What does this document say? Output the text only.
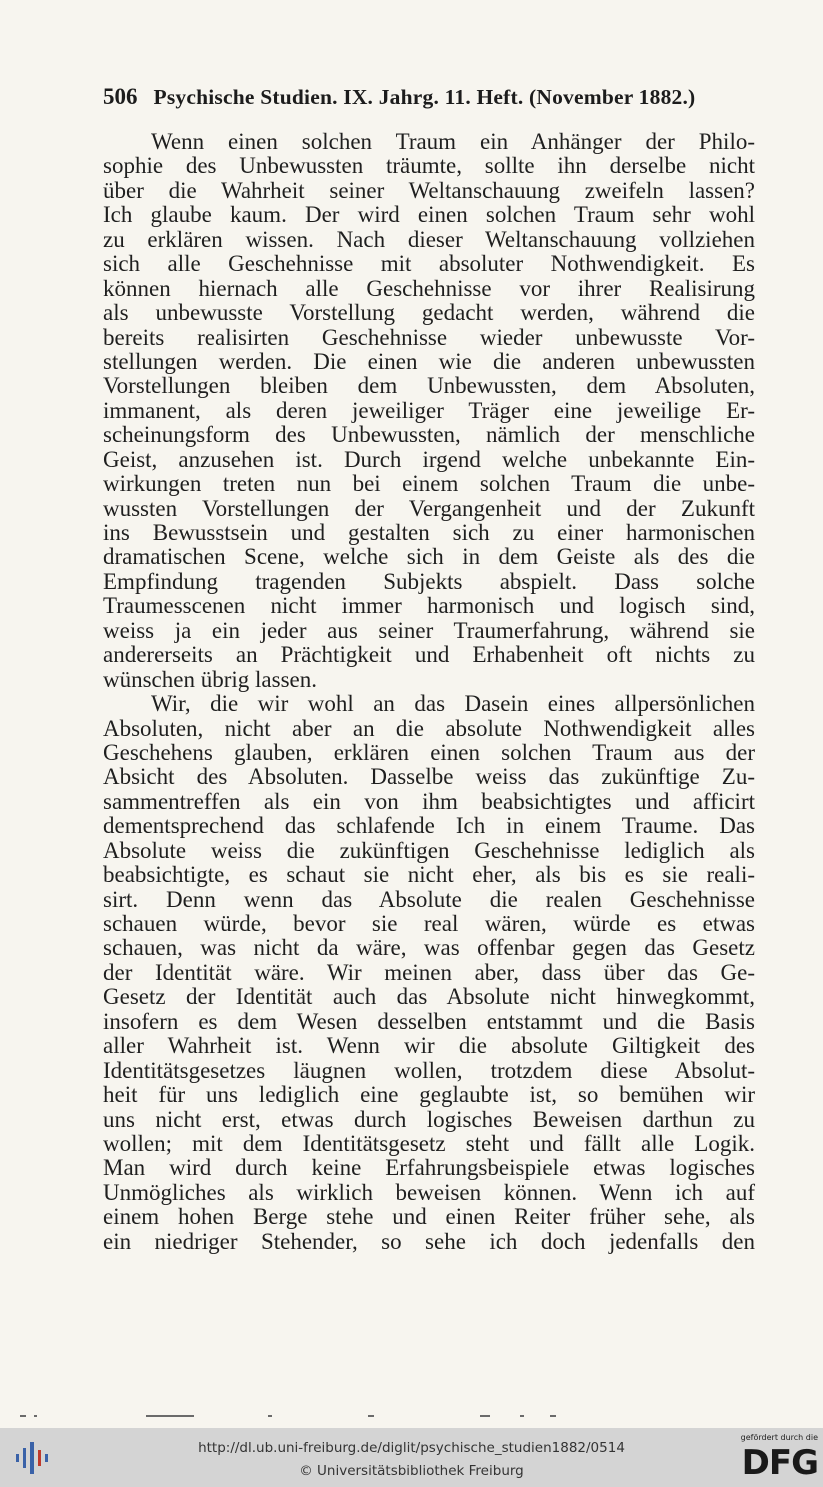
506 Psychische Studien. IX. Jahrg. 11. Heft. (November 1882.)
Wenn einen solchen Traum ein Anhänger der Philo-
sophie des Unbewussten träumte, sollte ihn derselbe nicht
über die Wahrheit seiner Weltanschauung zweifeln lassen?
Ich glaube kaum. Der wird einen solchen Traum sehr wohl
zu erklären wissen. Nach dieser Weltanschauung vollziehen
sich alle Geschehnisse mit absoluter Nothwendigkeit. Es
können hiernach alle Geschehnisse vor ihrer Realisirung
als unbewusste Vorstellung gedacht werden, während die
bereits realisirten Geschehnisse wieder unbewusste Vor-
stellungen werden. Die einen wie die anderen unbewussten
Vorstellungen bleiben dem Unbewussten, dem Absoluten,
immanent, als deren jeweiliger Träger eine jeweilige Er-
scheinungsform des Unbewussten, nämlich der menschliche
Geist, anzusehen ist. Durch irgend welche unbekannte Ein-
wirkungen treten nun bei einem solchen Traum die unbe-
wussten Vorstellungen der Vergangenheit und der Zukunft
ins Bewusstsein und gestalten sich zu einer harmonischen
dramatischen Scene, welche sich in dem Geiste als des die
Empfindung tragenden Subjekts abspielt. Dass solche
Traumesscenen nicht immer harmonisch und logisch sind,
weiss ja ein jeder aus seiner Traumerfahrung, während sie
andererseits an Prächtigkeit und Erhabenheit oft nichts zu
wünschen übrig lassen.
Wir, die wir wohl an das Dasein eines allpersönlichen
Absoluten, nicht aber an die absolute Nothwendigkeit alles
Geschehens glauben, erklären einen solchen Traum aus der
Absicht des Absoluten. Dasselbe weiss das zukünftige Zu-
sammentreffen als ein von ihm beabsichtigtes und afficirt
dementsprechend das schlafende Ich in einem Traume. Das
Absolute weiss die zukünftigen Geschehnisse lediglich als
beabsichtigte, es schaut sie nicht eher, als bis es sie reali-
sirt. Denn wenn das Absolute die realen Geschehnisse
schauen würde, bevor sie real wären, würde es etwas
schauen, was nicht da wäre, was offenbar gegen das Gesetz
der Identität wäre. Wir meinen aber, dass über das Ge-
Gesetz der Identität auch das Absolute nicht hinwegkommt,
insofern es dem Wesen desselben entstammt und die Basis
aller Wahrheit ist. Wenn wir die absolute Giltigkeit des
Identitätsgesetzes läugnen wollen, trotzdem diese Absolut-
heit für uns lediglich eine geglaubte ist, so bemühen wir
uns nicht erst, etwas durch logisches Beweisen darthun zu
wollen; mit dem Identitätsgesetz steht und fällt alle Logik.
Man wird durch keine Erfahrungsbeispiele etwas logisches
Unmögliches als wirklich beweisen können. Wenn ich auf
einem hohen Berge stehe und einen Reiter früher sehe, als
ein niedriger Stehender, so sehe ich doch jedenfalls den
http://dl.ub.uni-freiburg.de/diglit/psychische_studien1882/0514
© Universitätsbibliothek Freiburg
gefördert durch die
DFG
